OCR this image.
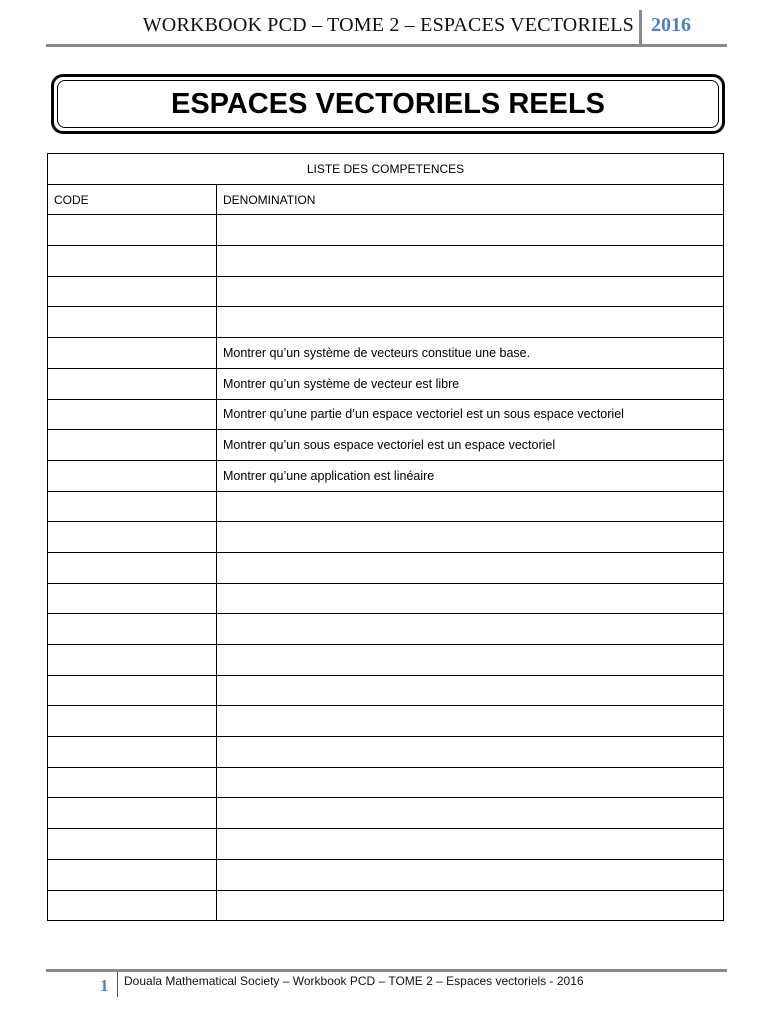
WORKBOOK PCD – TOME 2 – ESPACES VECTORIELS 2016
ESPACES VECTORIELS REELS
LISTE DES COMPETENCES	
CODE	DENOMINATION

	Montrer qu’un système de vecteurs constitue une base.
	Montrer qu’un système de vecteur est libre
	Montrer qu’une partie d’un espace vectoriel est un sous espace vectoriel
	Montrer qu’un sous espace vectoriel est un espace vectoriel
	Montrer qu’une application est linéaire

1 Douala Mathematical Society – Workbook PCD – TOME 2 – Espaces vectoriels - 2016
